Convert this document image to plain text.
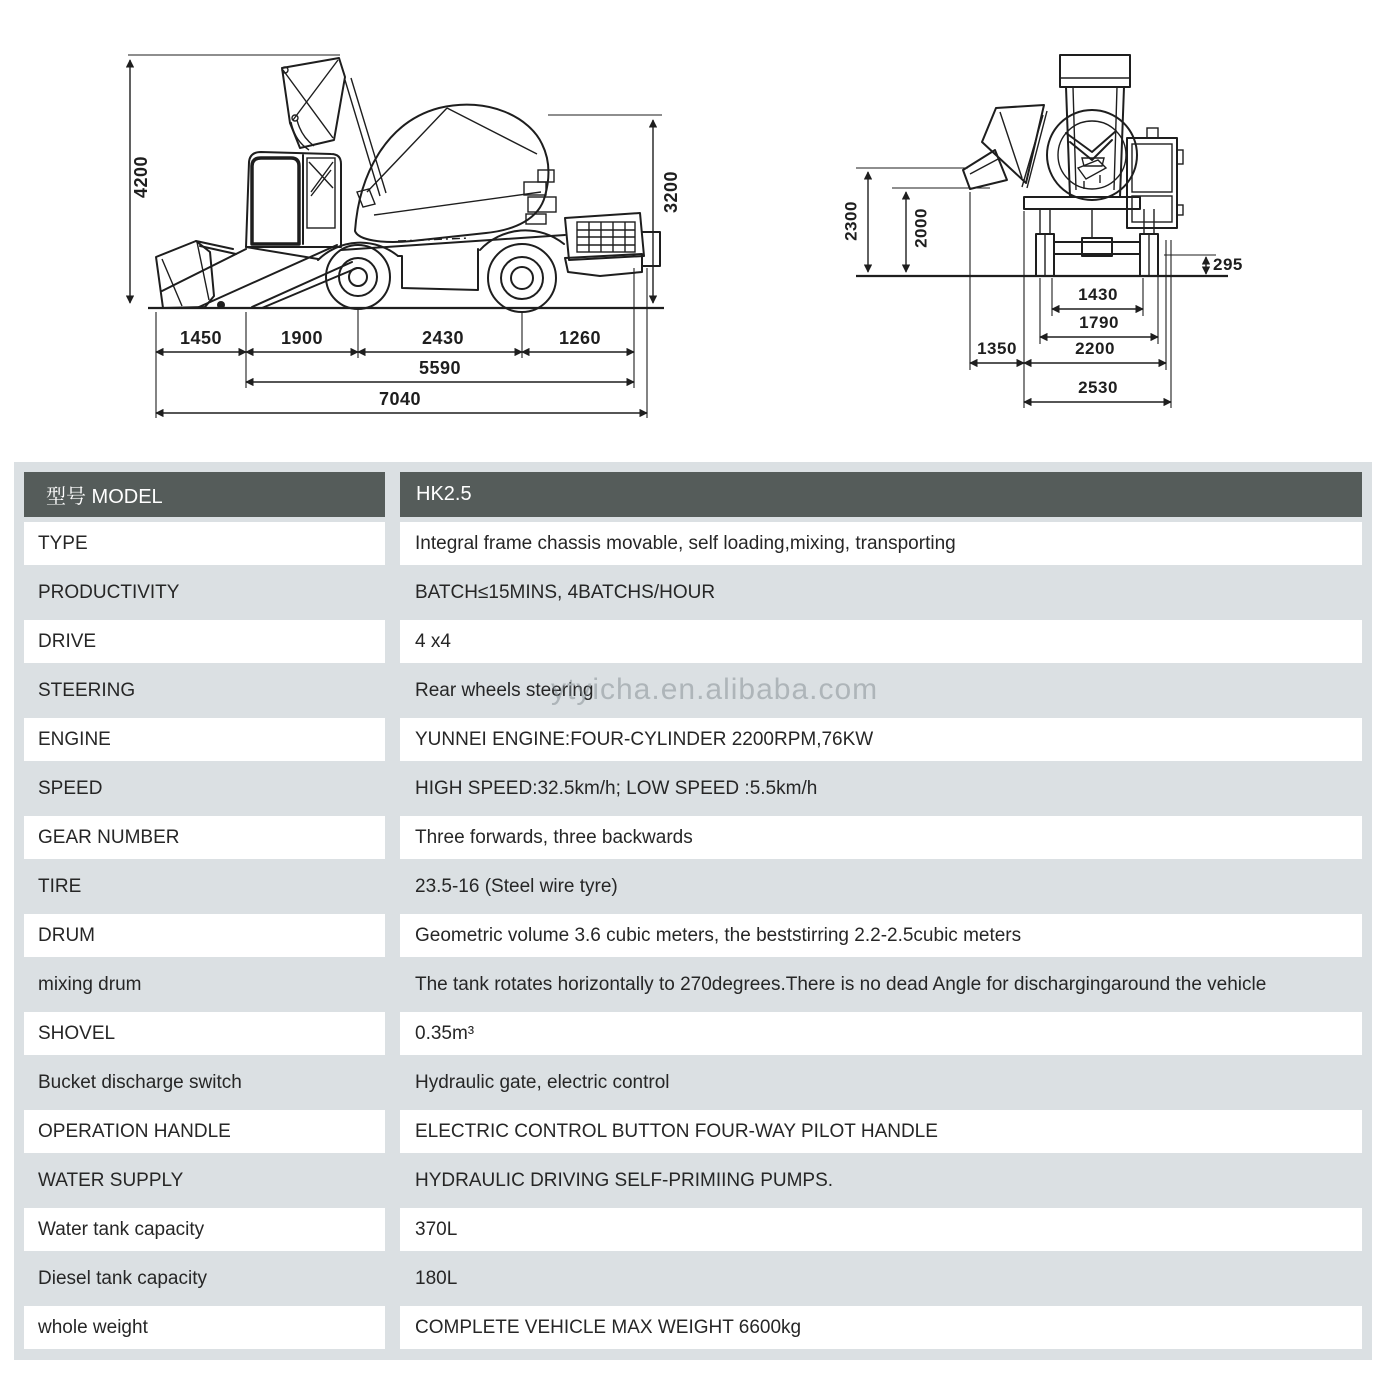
4200	3200
1450	1900	2430	1260
5590
7040
2300	2000
295
1430
1790
1350	2200
2530
型号 MODEL	HK2.5
TYPE	Integral frame chassis movable, self loading,mixing, transporting
PRODUCTIVITY	BATCH≤15MINS, 4BATCHS/HOUR
DRIVE	4 x4
STEERING	Rear wheels steering
ENGINE	YUNNEI ENGINE:FOUR-CYLINDER 2200RPM,76KW
SPEED	HIGH SPEED:32.5km/h; LOW SPEED :5.5km/h
GEAR NUMBER	Three forwards, three backwards
TIRE	23.5-16 (Steel wire tyre)
DRUM	Geometric volume 3.6 cubic meters, the beststirring 2.2-2.5cubic meters
mixing drum	The tank rotates horizontally to 270degrees.There is no dead Angle for dischargingaround the vehicle
SHOVEL	0.35m³
Bucket discharge switch	Hydraulic gate, electric control
OPERATION HANDLE	ELECTRIC CONTROL BUTTON FOUR-WAY PILOT HANDLE
WATER SUPPLY	HYDRAULIC DRIVING SELF-PRIMIING PUMPS.
Water tank capacity	370L
Diesel tank capacity	180L
whole weight	COMPLETE VEHICLE MAX WEIGHT 6600kg
ytyicha.en.alibaba.com
